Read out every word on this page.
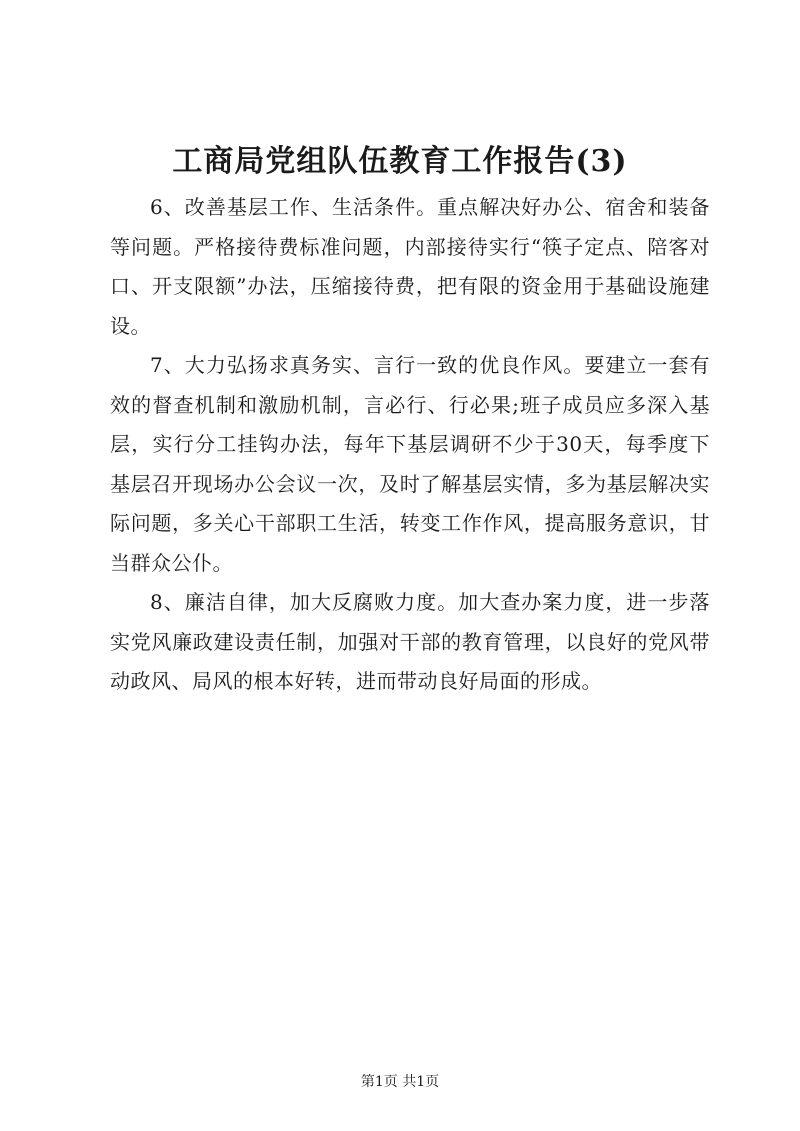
工商局党组队伍教育工作报告(3)

6、改善基层工作、生活条件。重点解决好办公、宿舍和装备等问题。严格接待费标准问题，内部接待实行“筷子定点、陪客对口、开支限额”办法，压缩接待费，把有限的资金用于基础设施建设。

7、大力弘扬求真务实、言行一致的优良作风。要建立一套有效的督查机制和激励机制，言必行、行必果;班子成员应多深入基层，实行分工挂钩办法，每年下基层调研不少于30天，每季度下基层召开现场办公会议一次，及时了解基层实情，多为基层解决实际问题，多关心干部职工生活，转变工作作风，提高服务意识，甘当群众公仆。

8、廉洁自律，加大反腐败力度。加大查办案力度，进一步落实党风廉政建设责任制，加强对干部的教育管理，以良好的党风带动政风、局风的根本好转，进而带动良好局面的形成。

第1页 共1页
